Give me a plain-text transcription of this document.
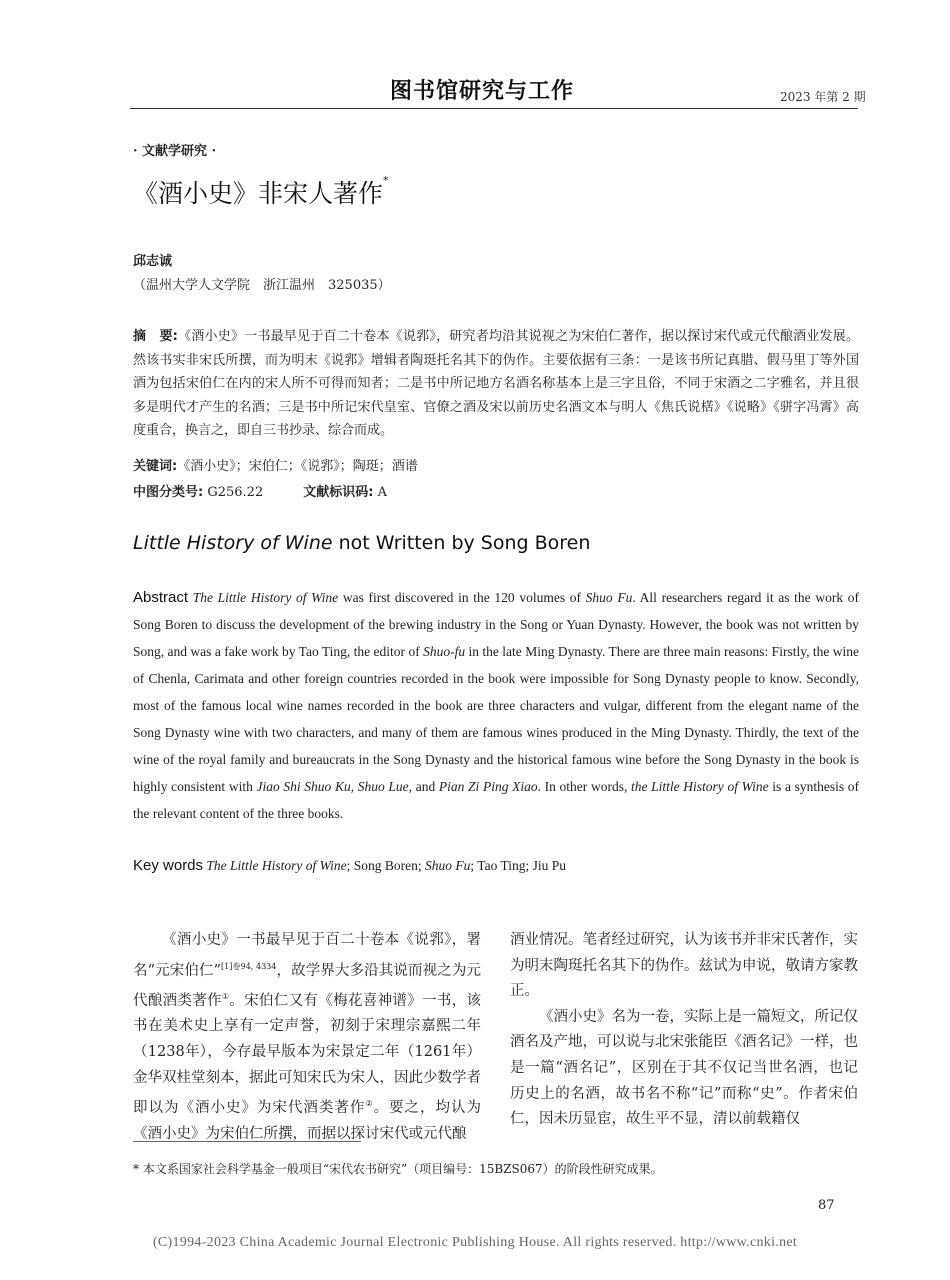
图书馆研究与工作	2023 年第 2 期
· 文献学研究 ·
《酒小史》非宋人著作*
邱志诚
（温州大学人文学院　浙江温州　325035）
摘　要:《酒小史》一书最早见于百二十卷本《说郛》，研究者均沿其说视之为宋伯仁著作，据以探讨宋代或元代酿酒业发展。然该书实非宋氏所撰，而为明末《说郛》增辑者陶珽托名其下的伪作。主要依据有三条：一是该书所记真腊、假马里丁等外国酒为包括宋伯仁在内的宋人所不可得而知者；二是书中所记地方名酒名称基本上是三字且俗，不同于宋酒之二字雅名，并且很多是明代才产生的名酒；三是书中所记宋代皇室、官僚之酒及宋以前历史名酒文本与明人《焦氏说楛》《说略》《骈字冯霄》高度重合，换言之，即自三书抄录、综合而成。
关键词:《酒小史》；宋伯仁；《说郛》；陶珽；酒谱
中图分类号: G256.22	文献标识码: A
Little History of Wine not Written by Song Boren
Abstract The Little History of Wine was first discovered in the 120 volumes of Shuo Fu. All researchers regard it as the work of Song Boren to discuss the development of the brewing industry in the Song or Yuan Dynasty. However, the book was not written by Song, and was a fake work by Tao Ting, the editor of Shuo-fu in the late Ming Dynasty. There are three main reasons: Firstly, the wine of Chenla, Carimata and other foreign countries recorded in the book were impossible for Song Dynasty people to know. Secondly, most of the famous local wine names recorded in the book are three characters and vulgar, different from the elegant name of the Song Dynasty wine with two characters, and many of them are famous wines produced in the Ming Dynasty. Thirdly, the text of the wine of the royal family and bureaucrats in the Song Dynasty and the historical famous wine before the Song Dynasty in the book is highly consistent with Jiao Shi Shuo Ku, Shuo Lue, and Pian Zi Ping Xiao. In other words, the Little History of Wine is a synthesis of the relevant content of the three books.
Key words The Little History of Wine; Song Boren; Shuo Fu; Tao Ting; Jiu Pu

《酒小史》一书最早见于百二十卷本《说郛》，署名“元宋伯仁”$^{[1]卷94, 4334}$，故学界大多沿其说而视之为元代酿酒类著作①。宋伯仁又有《梅花喜神谱》一书，该书在美术史上享有一定声誉，初刻于宋理宗嘉熙二年（1238年），今存最早版本为宋景定二年（1261年）金华双桂堂刻本，据此可知宋氏为宋人，因此少数学者即以为《酒小史》为宋代酒类著作②。要之，均认为《酒小史》为宋伯仁所撰，而据以探讨宋代或元代酿

酒业情况。笔者经过研究，认为该书并非宋氏著作，实为明末陶珽托名其下的伪作。兹试为申说，敬请方家教正。

《酒小史》名为一卷，实际上是一篇短文，所记仅酒名及产地，可以说与北宋张能臣《酒名记》一样，也是一篇“酒名记”，区别在于其不仅记当世名酒，也记历史上的名酒，故书名不称“记”而称“史”。作者宋伯仁，因未历显宦，故生平不显，清以前载籍仅

* 本文系国家社会科学基金一般项目“宋代农书研究”（项目编号：15BZS067）的阶段性研究成果。
87
(C)1994-2023 China Academic Journal Electronic Publishing House. All rights reserved. http://www.cnki.net
